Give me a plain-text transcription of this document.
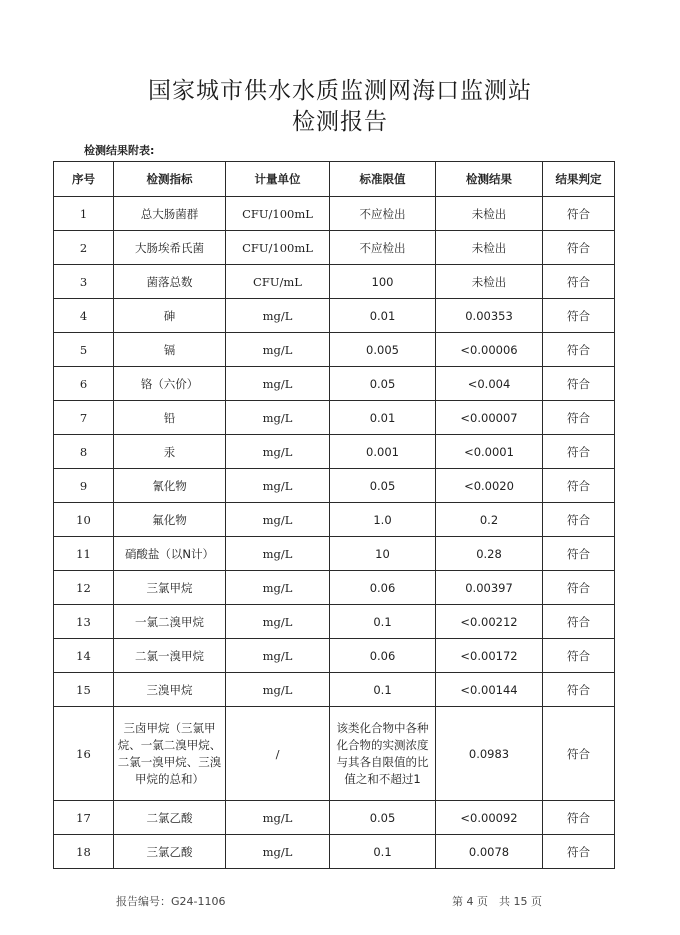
国家城市供水水质监测网海口监测站
检测报告
检测结果附表:
序号	检测指标	计量单位	标准限值	检测结果	结果判定
1	总大肠菌群	CFU/100mL	不应检出	未检出	符合
2	大肠埃希氏菌	CFU/100mL	不应检出	未检出	符合
3	菌落总数	CFU/mL	100	未检出	符合
4	砷	mg/L	0.01	0.00353	符合
5	镉	mg/L	0.005	<0.00006	符合
6	铬（六价）	mg/L	0.05	<0.004	符合
7	铅	mg/L	0.01	<0.00007	符合
8	汞	mg/L	0.001	<0.0001	符合
9	氰化物	mg/L	0.05	<0.0020	符合
10	氟化物	mg/L	1.0	0.2	符合
11	硝酸盐（以N计）	mg/L	10	0.28	符合
12	三氯甲烷	mg/L	0.06	0.00397	符合
13	一氯二溴甲烷	mg/L	0.1	<0.00212	符合
14	二氯一溴甲烷	mg/L	0.06	<0.00172	符合
15	三溴甲烷	mg/L	0.1	<0.00144	符合
16	三卤甲烷（三氯甲烷、一氯二溴甲烷、二氯一溴甲烷、三溴甲烷的总和）	/	该类化合物中各种化合物的实测浓度与其各自限值的比值之和不超过1	0.0983	符合
17	二氯乙酸	mg/L	0.05	<0.00092	符合
18	三氯乙酸	mg/L	0.1	0.0078	符合
报告编号：G24-1106	第 4 页　共 15 页
